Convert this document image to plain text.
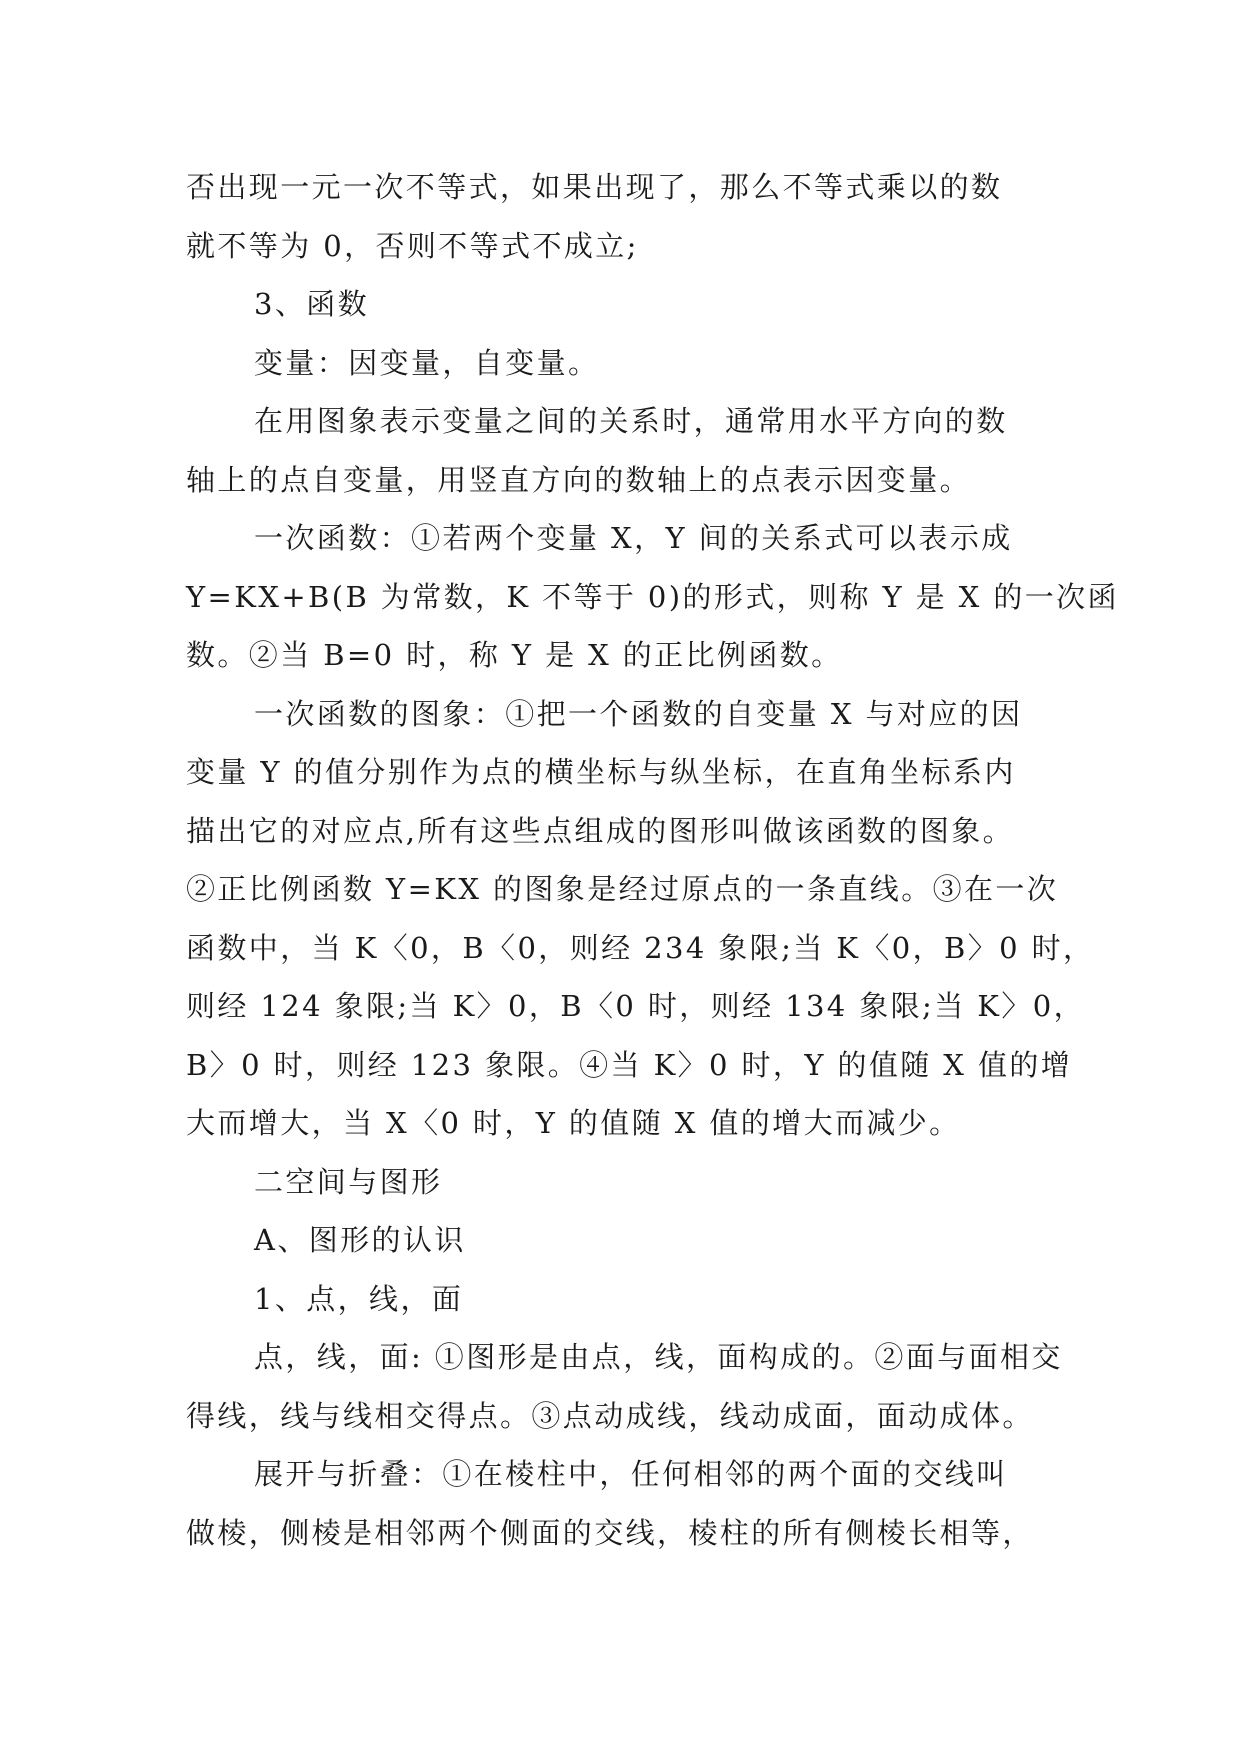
否出现一元一次不等式，如果出现了，那么不等式乘以的数
就不等为 0，否则不等式不成立;
3、函数
变量：因变量，自变量。
在用图象表示变量之间的关系时，通常用水平方向的数
轴上的点自变量，用竖直方向的数轴上的点表示因变量。
一次函数：①若两个变量 X，Y 间的关系式可以表示成
Y=KX+B(B 为常数，K 不等于 0)的形式，则称 Y 是 X 的一次函
数。②当 B=0 时，称 Y 是 X 的正比例函数。
一次函数的图象：①把一个函数的自变量 X 与对应的因
变量 Y 的值分别作为点的横坐标与纵坐标，在直角坐标系内
描出它的对应点,所有这些点组成的图形叫做该函数的图象。
②正比例函数 Y=KX 的图象是经过原点的一条直线。③在一次
函数中，当 K〈0，B〈0，则经 234 象限;当 K〈0，B〉0 时，
则经 124 象限;当 K〉0，B〈0 时，则经 134 象限;当 K〉0，
B〉0 时，则经 123 象限。④当 K〉0 时，Y 的值随 X 值的增
大而增大，当 X〈0 时，Y 的值随 X 值的增大而减少。
二空间与图形
A、图形的认识
1、点，线，面
点，线，面: ①图形是由点，线，面构成的。②面与面相交
得线，线与线相交得点。③点动成线，线动成面，面动成体。
展开与折叠：①在棱柱中，任何相邻的两个面的交线叫
做棱，侧棱是相邻两个侧面的交线，棱柱的所有侧棱长相等，
